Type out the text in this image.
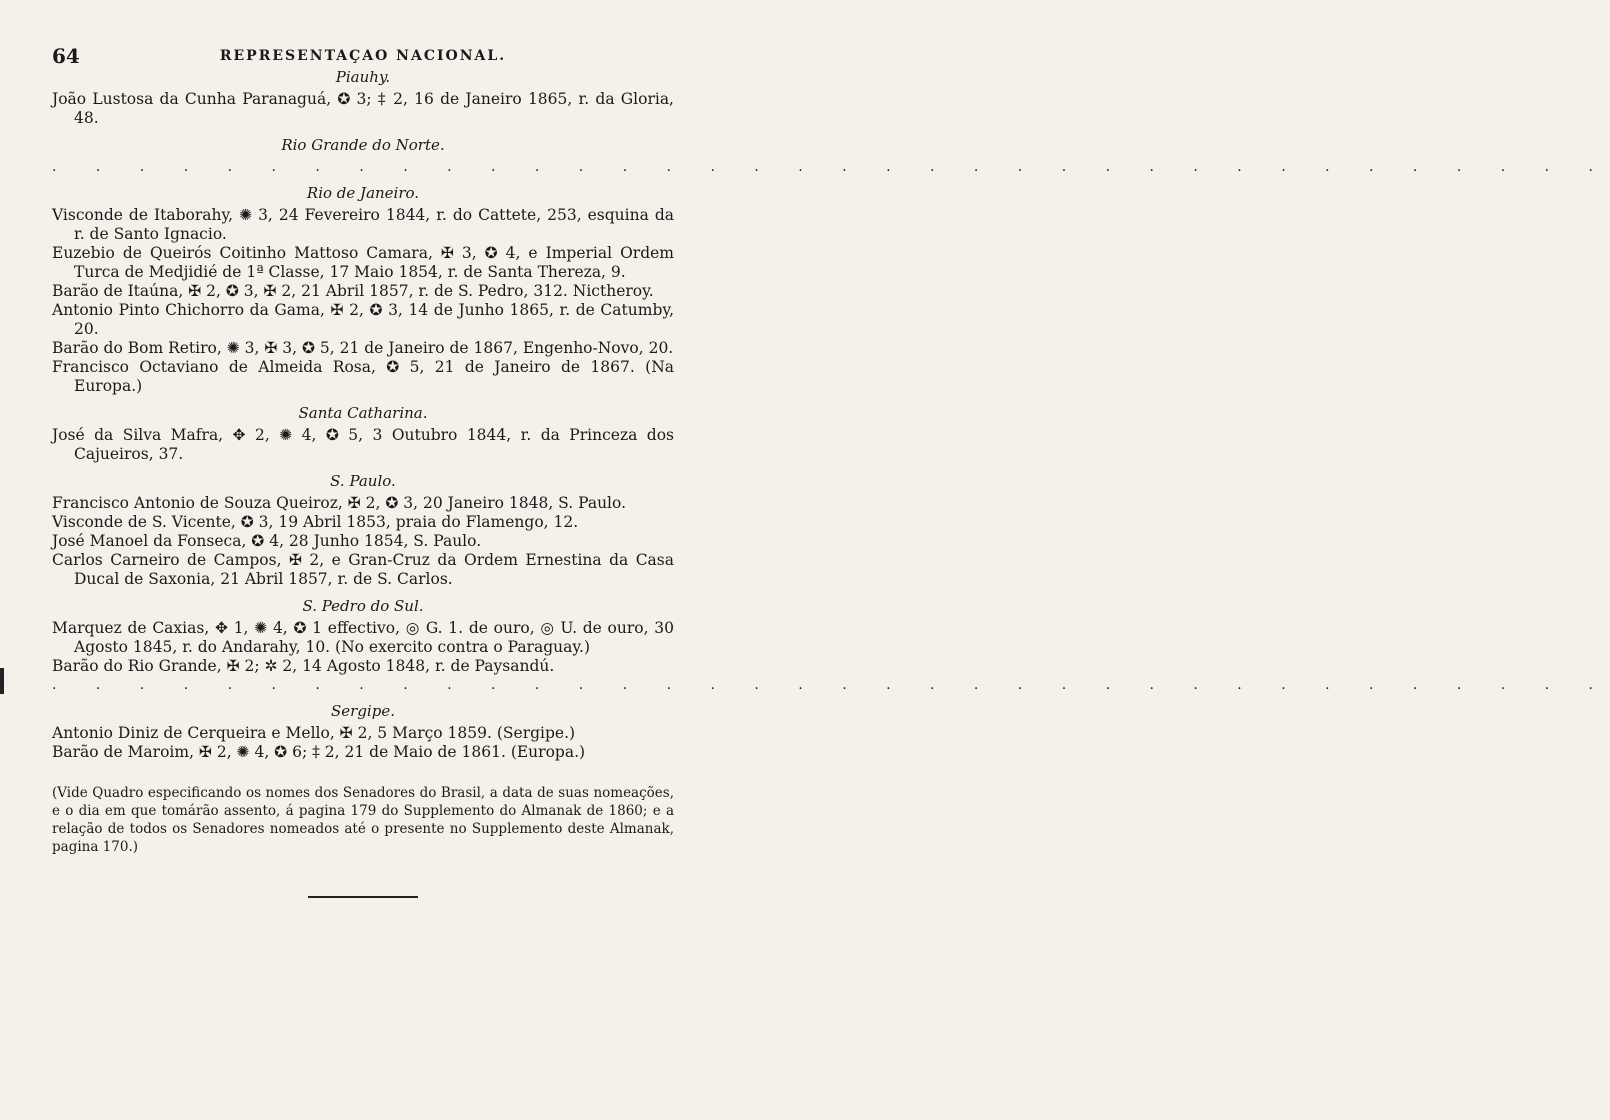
64	REPRESENTAÇAO NACIONAL.
Piauhy.

João Lustosa da Cunha Paranaguá, ✪ 3; ‡ 2, 16 de Janeiro 1865, r. da Gloria, 48.

Rio Grande do Norte.
. . . . . . . . . . . . . . . . . . . . . . . . . . . . . . . . . . . .
Rio de Janeiro.

Visconde de Itaborahy, ✺ 3, 24 Fevereiro 1844, r. do Cattete, 253, esquina da r. de Santo Ignacio.

Euzebio de Queirós Coitinho Mattoso Camara, ✠ 3, ✪ 4, e Imperial Ordem Turca de Medjidié de 1ª Classe, 17 Maio 1854, r. de Santa Thereza, 9.

Barão de Itaúna, ✠ 2, ✪ 3, ✠ 2, 21 Abril 1857, r. de S. Pedro, 312. Nictheroy.

Antonio Pinto Chichorro da Gama, ✠ 2, ✪ 3, 14 de Junho 1865, r. de Catumby, 20.

Barão do Bom Retiro, ✺ 3, ✠ 3, ✪ 5, 21 de Janeiro de 1867, Engenho-Novo, 20.

Francisco Octaviano de Almeida Rosa, ✪ 5, 21 de Janeiro de 1867. (Na Europa.)

Santa Catharina.

José da Silva Mafra, ✥ 2, ✺ 4, ✪ 5, 3 Outubro 1844, r. da Princeza dos Cajueiros, 37.

S. Paulo.

Francisco Antonio de Souza Queiroz, ✠ 2, ✪ 3, 20 Janeiro 1848, S. Paulo.

Visconde de S. Vicente, ✪ 3, 19 Abril 1853, praia do Flamengo, 12.

José Manoel da Fonseca, ✪ 4, 28 Junho 1854, S. Paulo.

Carlos Carneiro de Campos, ✠ 2, e Gran-Cruz da Ordem Ernestina da Casa Ducal de Saxonia, 21 Abril 1857, r. de S. Carlos.

S. Pedro do Sul.

Marquez de Caxias, ✥ 1, ✺ 4, ✪ 1 effectivo, ◎ G. 1. de ouro, ◎ U. de ouro, 30 Agosto 1845, r. do Andarahy, 10. (No exercito contra o Paraguay.)

Barão do Rio Grande, ✠ 2; ✲ 2, 14 Agosto 1848, r. de Paysandú.

. . . . . . . . . . . . . . . . . . . . . . . . . . . . . . . . . . . .
Sergipe.

Antonio Diniz de Cerqueira e Mello, ✠ 2, 5 Março 1859. (Sergipe.)

Barão de Maroim, ✠ 2, ✺ 4, ✪ 6; ‡ 2, 21 de Maio de 1861. (Europa.)

(Vide Quadro especificando os nomes dos Senadores do Brasil, a data de suas nomeações, e o dia em que tomárão assento, á pagina 179 do Supplemento do Almanak de 1860; e a relação de todos os Senadores nomeados até o presente no Supplemento deste Almanak, pagina 170.)
